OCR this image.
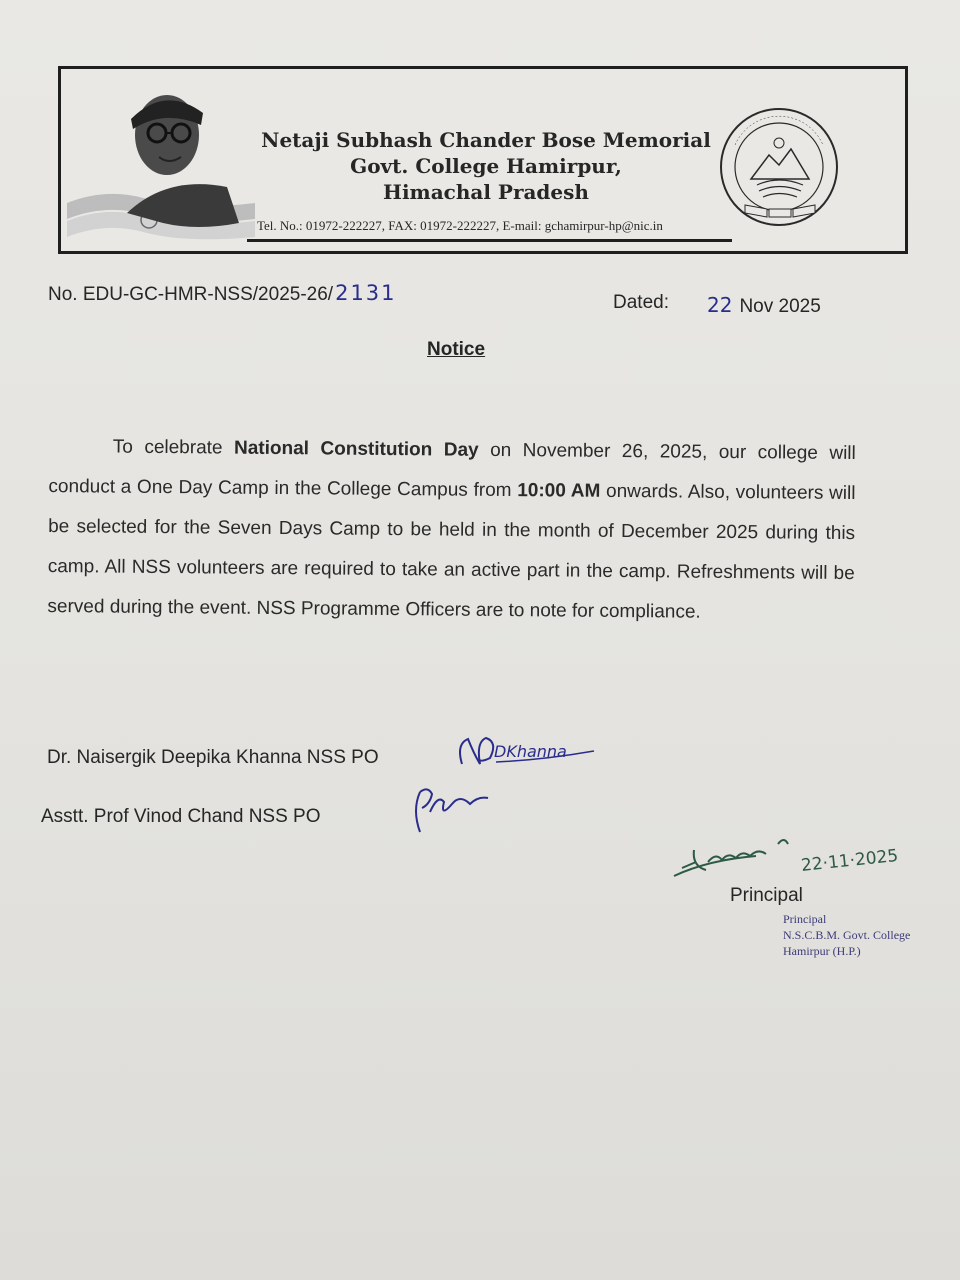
Netaji Subhash Chander Bose Memorial
Govt. College Hamirpur,
Himachal Pradesh
Tel. No.: 01972-222227, FAX: 01972-222227, E-mail: gchamirpur-hp@nic.in
No. EDU-GC-HMR-NSS/2025-26/2131	Dated: 22 Nov 2025
Notice
To celebrate National Constitution Day on November 26, 2025, our college will conduct a One Day Camp in the College Campus from 10:00 AM onwards. Also, volunteers will be selected for the Seven Days Camp to be held in the month of December 2025 during this camp. All NSS volunteers are required to take an active part in the camp. Refreshments will be served during the event. NSS Programme Officers are to note for compliance.
Dr. Naisergik Deepika Khanna NSS PO	DKhanna
Asstt. Prof Vinod Chand NSS PO
22·11·2025
Principal
Principal
N.S.C.B.M. Govt. College
Hamirpur (H.P.)
